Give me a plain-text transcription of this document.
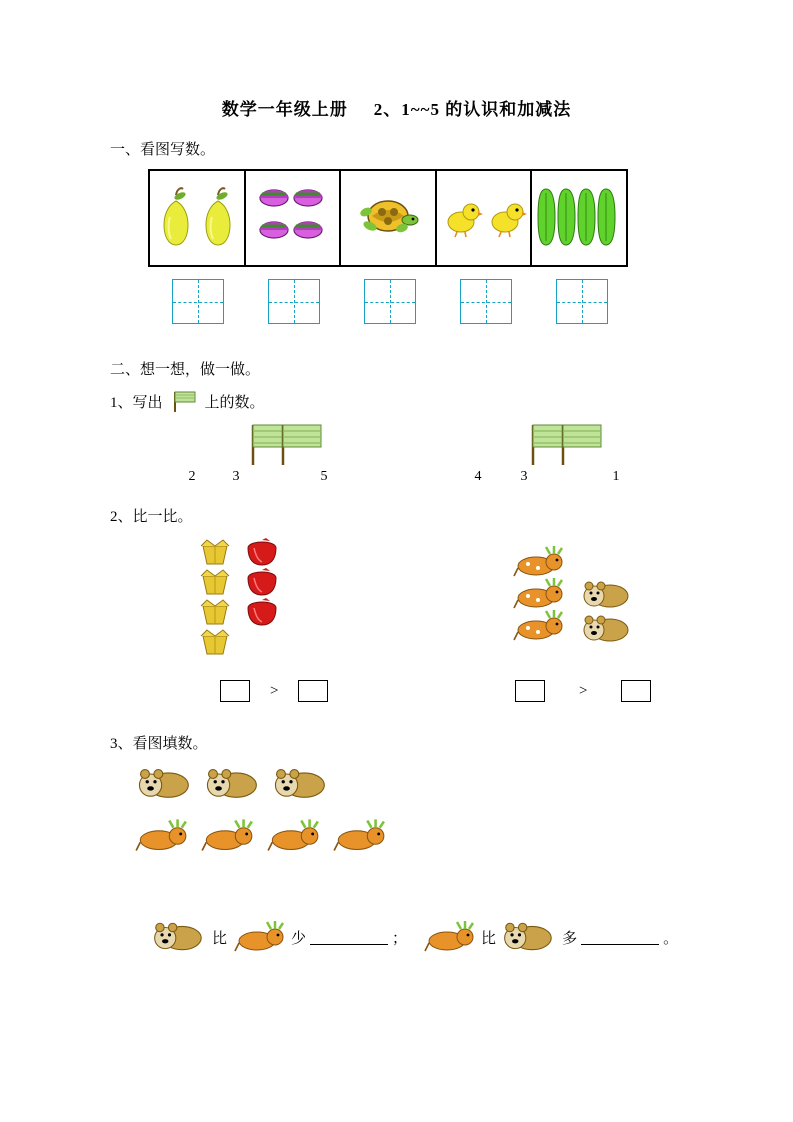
数学一年级上册 2、1~~5 的认识和加减法
一、看图写数。
二、想一想，做一做。
1、写出	上的数。
2	3	5	4	3	1
2、比一比。
>	>
3、看图填数。
比	少	；	比	多	。
